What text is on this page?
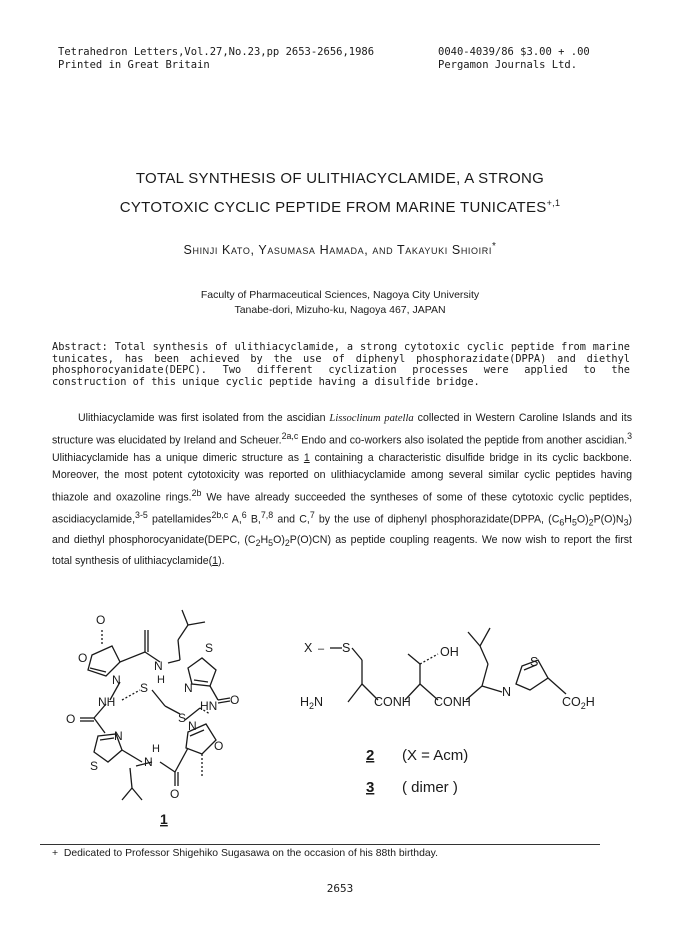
Tetrahedron Letters,Vol.27,No.23,pp 2653-2656,1986
Printed in Great Britain
0040-4039/86 $3.00 + .00
Pergamon Journals Ltd.
TOTAL SYNTHESIS OF ULITHIACYCLAMIDE, A STRONG
CYTOTOXIC CYCLIC PEPTIDE FROM MARINE $TUNICATES^{+,1}$
Shinji Kato, Yasumasa Hamada, and Takayuki Shioiri*
Faculty of Pharmaceutical Sciences, Nagoya City University
Tanabe-dori, Mizuho-ku, Nagoya 467, JAPAN
Abstract: Total synthesis of ulithiacyclamide, a strong cytotoxic cyclic peptide from marine tunicates, has been achieved by the use of diphenyl phosphorazidate(DPPA) and diethyl phosphorocyanidate(DEPC). Two different cyclization processes were applied to the construction of this unique cyclic peptide having a disulfide bridge.

Ulithiacyclamide was first isolated from the ascidian Lissoclinum patella collected in Western Caroline Islands and its structure was elucidated by Ireland and Scheuer.$^{2a,c}$ Endo and co-workers also isolated the peptide from another ascidian.$^3$ Ulithiacyclamide has a unique dimeric structure as 1 containing a characteristic disulfide bridge in its cyclic backbone. Moreover, the most potent cytotoxicity was reported on ulithiacyclamide among several similar cyclic peptides having thiazole and oxazoline rings.$^{2b}$ We have already succeeded the syntheses of some of these cytotoxic cyclic peptides, ascidiacyclamide,$^{3-5}$ patellamides$^{2b,c}$ A,$^6$ B,$^{7,8}$ and C,$^7$ by the use of diphenyl phosphorazidate(DPPA, $(C_6H_5O)_2P(O)N_3$) and diethyl phosphorocyanidate(DEPC, $(C_2H_5O)_2P(O)CN$) as peptide coupling reagents. We now wish to report the first total synthesis of ulithiacyclamide(1).

O
O
N
H
S
N
N
O
NH
S
S
O
HN
N
H
N
N
S
O
O
1
X – S	OH
S
$H_2N$	CONH CONH
N
$CO_2H$
2 (X = Acm)
3 ( dimer )
+ Dedicated to Professor Shigehiko Sugasawa on the occasion of his 88th birthday.
2653
